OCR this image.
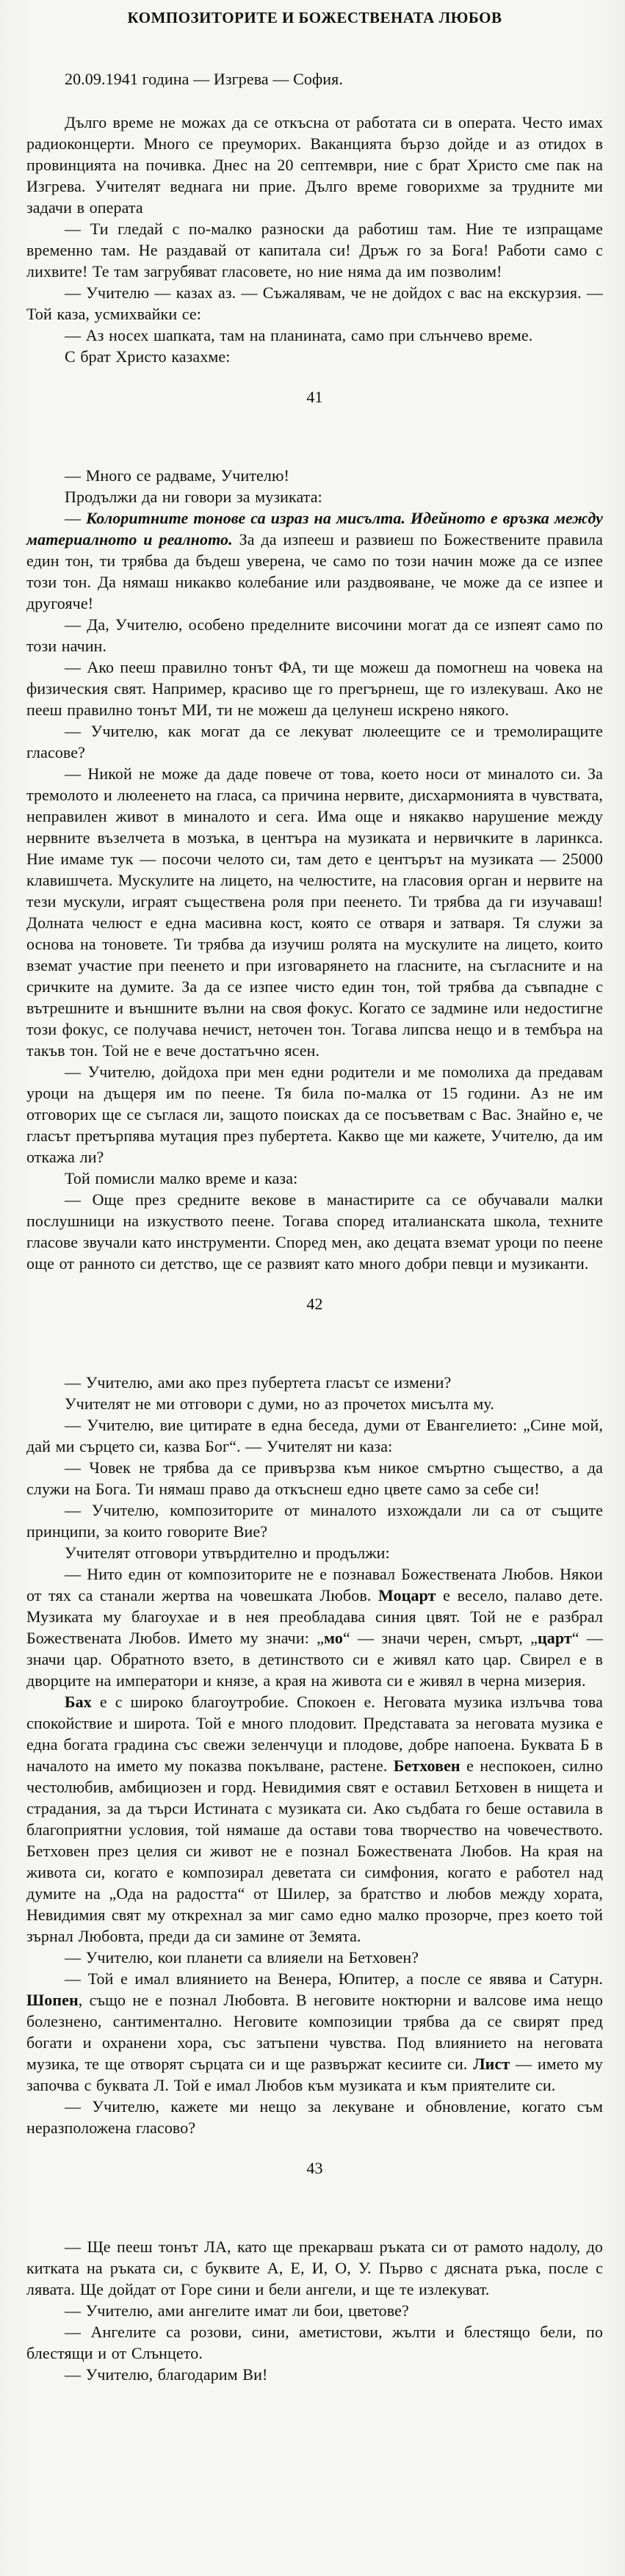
КОМПОЗИТОРИТЕ И БОЖЕСТВЕНАТА ЛЮБОВ
20.09.1941 година — Изгрева — София.

Дълго време не можах да се откъсна от работата си в операта. Често имах радиоконцерти. Много се преуморих. Ваканцията бързо дойде и аз отидох в провинцията на почивка. Днес на 20 септември, ние с брат Христо сме пак на Изгрева. Учителят веднага ни прие. Дълго време говорихме за трудните ми задачи в операта

— Ти гледай с по-малко разноски да работиш там. Ние те изпращаме временно там. Не раздавай от капитала си! Дръж го за Бога! Работи само с лихвите! Те там загрубяват гласовете, но ние няма да им позволим!

— Учителю — казах аз. — Съжалявам, че не дойдох с вас на екскурзия. — Той каза, усмихвайки се:

— Аз носех шапката, там на планината, само при слънчево време.

С брат Христо казахме:

41

— Много се радваме, Учителю!

Продължи да ни говори за музиката:

— Колоритните тонове са израз на мисълта. Идейното е връзка между материалното и реалното. За да изпееш и развиеш по Божествените правила един тон, ти трябва да бъдеш уверена, че само по този начин може да се изпее този тон. Да нямаш никакво колебание или раздвояване, че може да се изпее и другояче!

— Да, Учителю, особено пределните височини могат да се изпеят само по този начин.

— Ако пееш правилно тонът ФА, ти ще можеш да помогнеш на човека на физическия свят. Например, красиво ще го прегърнеш, ще го излекуваш. Ако не пееш правилно тонът МИ, ти не можеш да целунеш искрено някого.

— Учителю, как могат да се лекуват люлеещите се и тремолиращите гласове?

— Никой не може да даде повече от това, което носи от миналото си. За тремолото и люлеенето на гласа, са причина нервите, дисхармонията в чувствата, неправилен живот в миналото и сега. Има още и някакво нарушение между нервните възелчета в мозъка, в центъра на музиката и нервичките в ларинкса. Ние имаме тук — посочи челото си, там дето е центърът на музиката — 25000 клавишчета. Мускулите на лицето, на челюстите, на гласовия орган и нервите на тези мускули, играят съществена роля при пеенето. Ти трябва да ги изучаваш! Долната челюст е една масивна кост, която се отваря и затваря. Тя служи за основа на тоновете. Ти трябва да изучиш ролята на мускулите на лицето, които вземат участие при пеенето и при изговарянето на гласните, на съгласните и на сричките на думите. За да се изпее чисто един тон, той трябва да съвпадне с вътрешните и външните вълни на своя фокус. Когато се задмине или недостигне този фокус, се получава нечист, неточен тон. Тогава липсва нещо и в тембъра на такъв тон. Той не е вече достатъчно ясен.

— Учителю, дойдоха при мен едни родители и ме помолиха да предавам уроци на дъщеря им по пеене. Тя била по-малка от 15 години. Аз не им отговорих ще се съглася ли, защото поисках да се посъветвам с Вас. Знайно е, че гласът претърпява мутация през пубертета. Какво ще ми кажете, Учителю, да им откажа ли?

Той помисли малко време и каза:

— Още през средните векове в манастирите са се обучавали малки послушници на изкуството пеене. Тогава според италианската школа, техните гласове звучали като инструменти. Според мен, ако децата вземат уроци по пеене още от ранното си детство, ще се развият като много добри певци и музиканти.

42

— Учителю, ами ако през пубертета гласът се измени?

Учителят не ми отговори с думи, но аз прочетох мисълта му.

— Учителю, вие цитирате в една беседа, думи от Евангелието: „Сине мой, дай ми сърцето си, казва Бог“. — Учителят ни каза:

— Човек не трябва да се привързва към никое смъртно същество, а да служи на Бога. Ти нямаш право да откъснеш едно цвете само за себе си!

— Учителю, композиторите от миналото изхождали ли са от същите принципи, за които говорите Вие?

Учителят отговори утвърдително и продължи:

— Нито един от композиторите не е познавал Божествената Любов. Някои от тях са станали жертва на човешката Любов. Моцарт е весело, палаво дете. Музиката му благоухае и в нея преобладава синия цвят. Той не е разбрал Божествената Любов. Името му значи: „мо“ — значи черен, смърт, „царт“ — значи цар. Обратното взето, в детинството си е живял като цар. Свирел е в дворците на императори и князе, а края на живота си е живял в черна мизерия.

Бах е с широко благоутробие. Спокоен е. Неговата музика излъчва това спокойствие и широта. Той е много плодовит. Представата за неговата музика е една богата градина със свежи зеленчуци и плодове, добре напоена. Буквата Б в началото на името му показва покълване, растене. Бетховен е неспокоен, силно честолюбив, амбициозен и горд. Невидимия свят е оставил Бетховен в нищета и страдания, за да търси Истината с музиката си. Ако съдбата го беше оставила в благоприятни условия, той нямаше да остави това творчество на човечеството. Бетховен през целия си живот не е познал Божествената Любов. На края на живота си, когато е композирал деветата си симфония, когато е работел над думите на „Ода на радостта“ от Шилер, за братство и любов между хората, Невидимия свят му открехнал за миг само едно малко прозорче, през което той зърнал Любовта, преди да си замине от Земята.

— Учителю, кои планети са влияели на Бетховен?

— Той е имал влиянието на Венера, Юпитер, а после се явява и Сатурн. Шопен, също не е познал Любовта. В неговите ноктюрни и валсове има нещо болезнено, сантиментално. Неговите композиции трябва да се свирят пред богати и охранени хора, със затъпени чувства. Под влиянието на неговата музика, те ще отворят сърцата си и ще развържат кесиите си. Лист — името му започва с буквата Л. Той е имал Любов към музиката и към приятелите си.

— Учителю, кажете ми нещо за лекуване и обновление, когато съм неразположена гласово?

43

— Ще пееш тонът ЛА, като ще прекарваш ръката си от рамото надолу, до китката на ръката си, с буквите А, Е, И, О, У. Първо с дясната ръка, после с лявата. Ще дойдат от Горе сини и бели ангели, и ще те излекуват.

— Учителю, ами ангелите имат ли бои, цветове?

— Ангелите са розови, сини, аметистови, жълти и блестящо бели, по блестящи и от Слънцето.

— Учителю, благодарим Ви!
